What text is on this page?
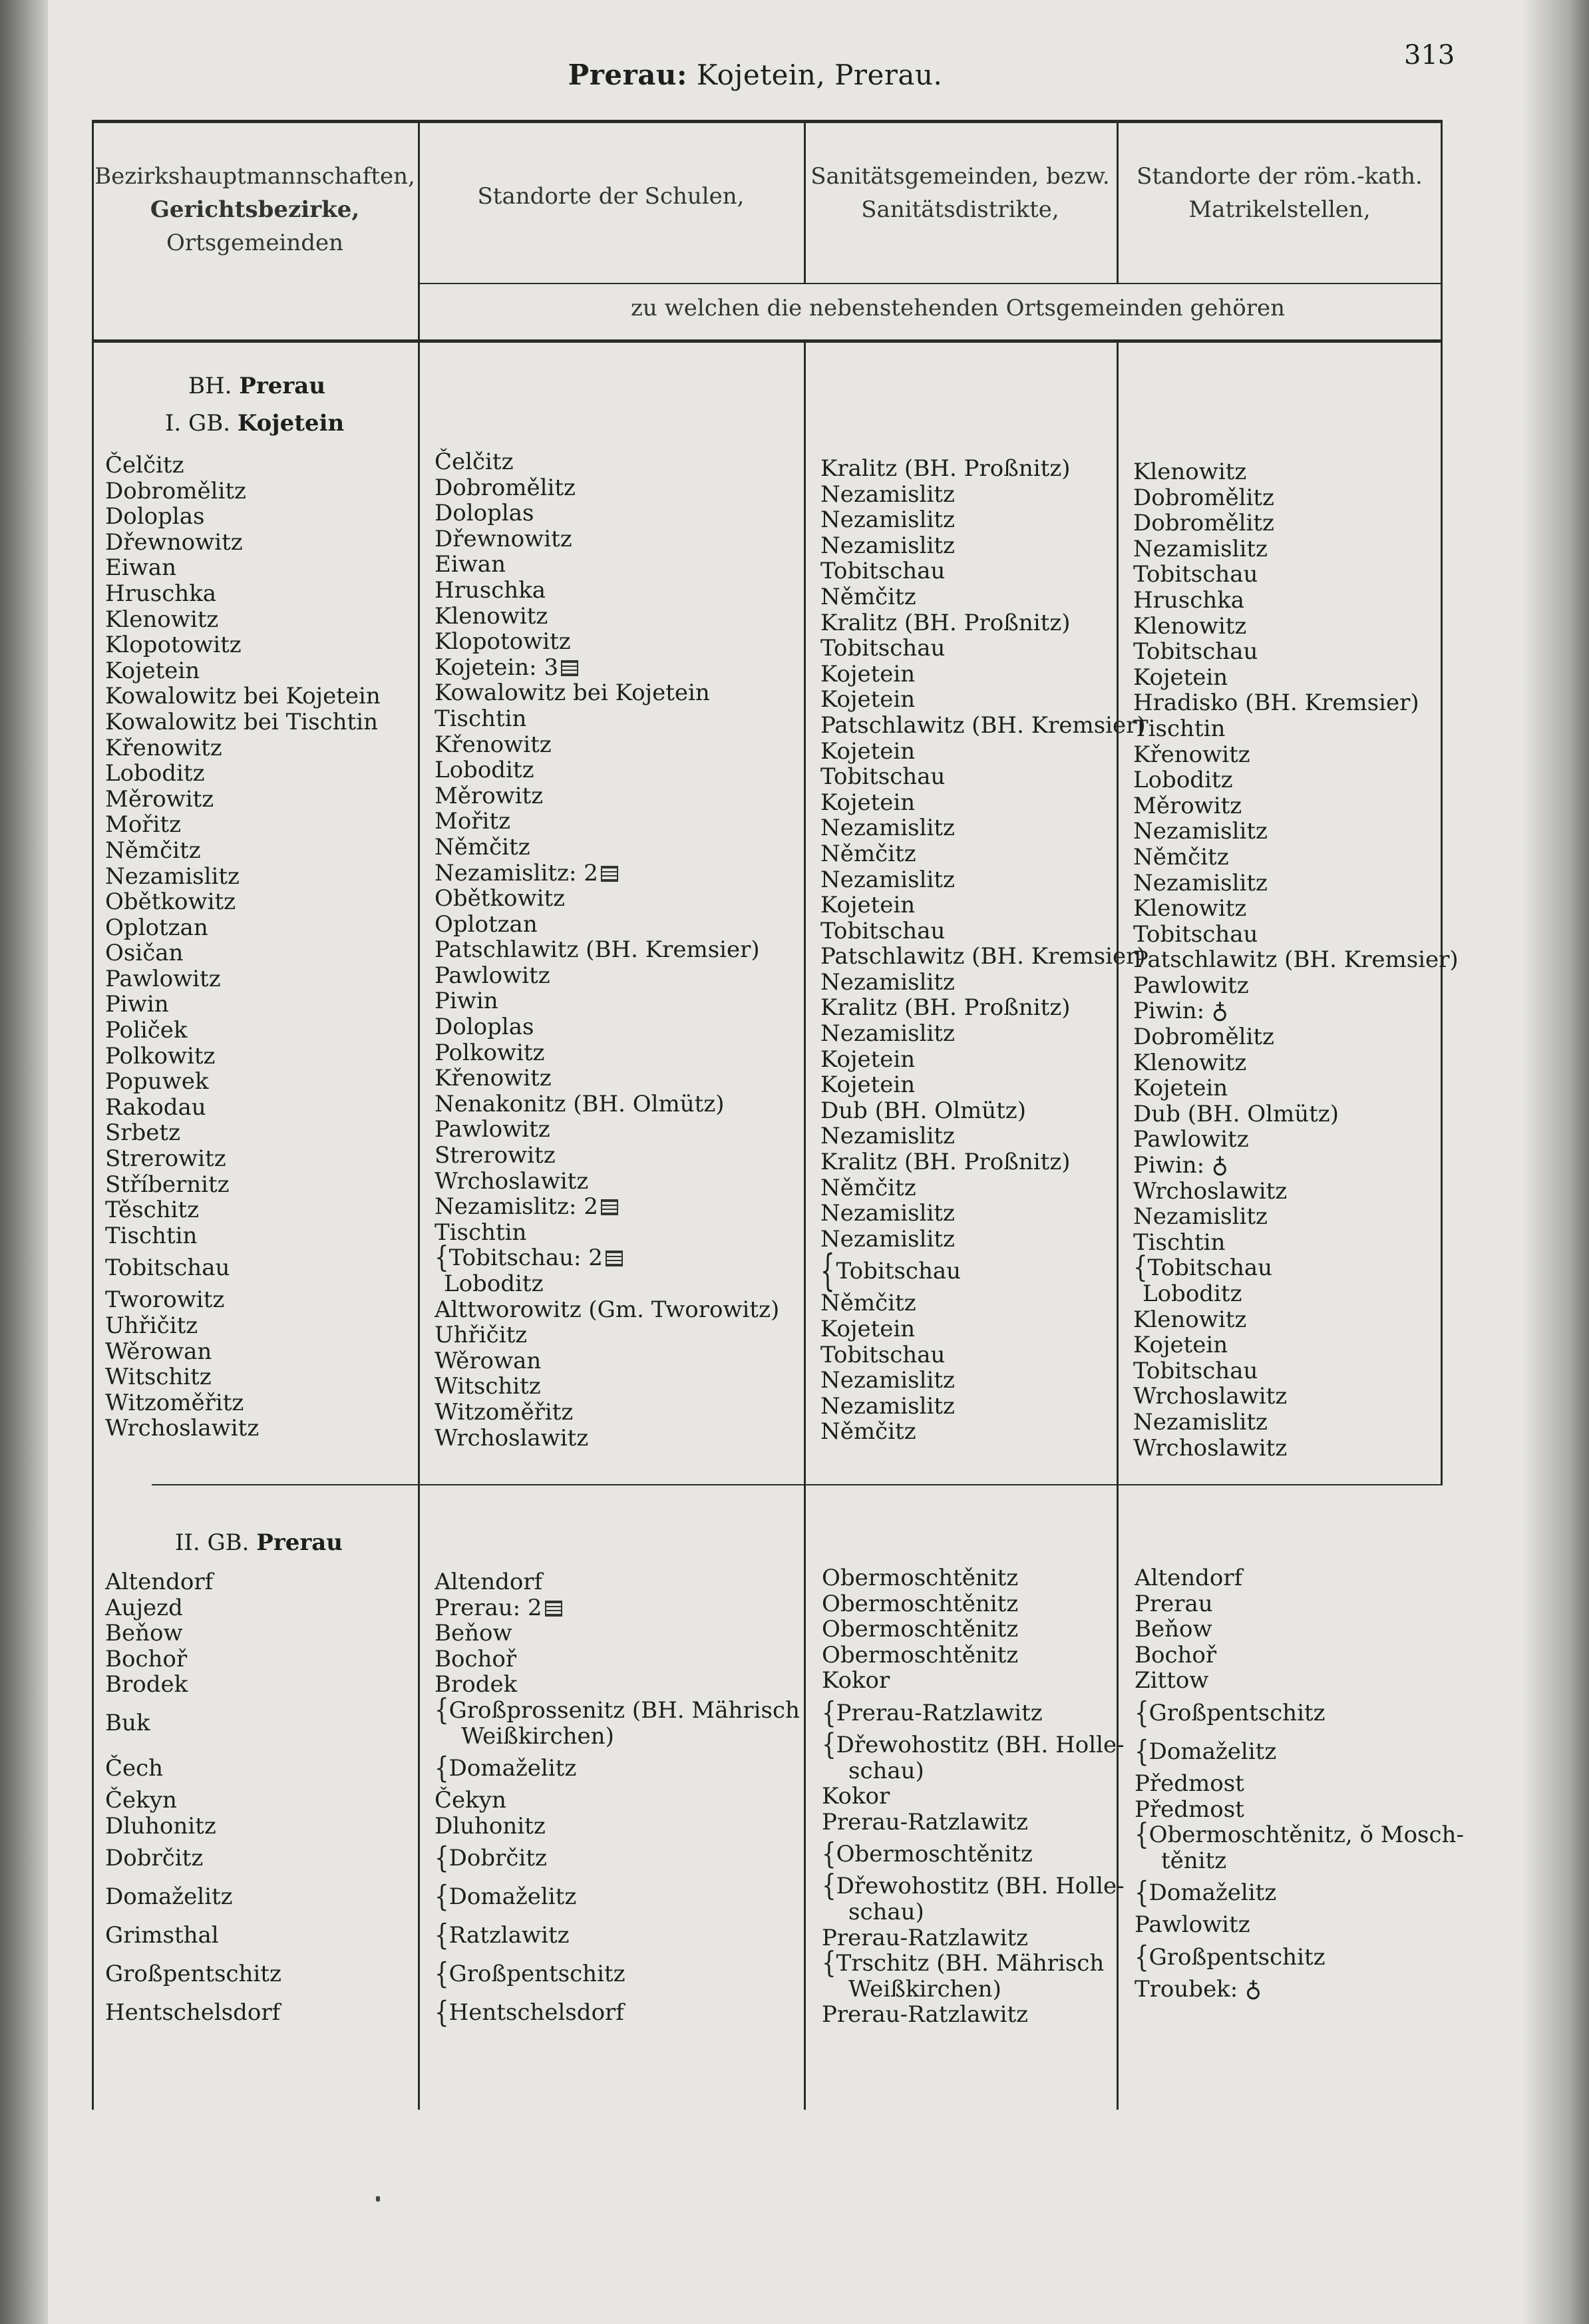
Prerau: Kojetein, Prerau.
313
Bezirkshauptmannschaften,
Gerichtsbezirke,
Ortsgemeinden
Standorte der Schulen,
Sanitätsgemeinden, bezw.
Sanitätsdistrikte,
Standorte der röm.-kath.
Matrikelstellen,
zu welchen die nebenstehenden Ortsgemeinden gehören
BH. Prerau
I. GB. Kojetein
Čelčitz
Dobromělitz
Doloplas
Dřewnowitz
Eiwan
Hruschka
Klenowitz
Klopotowitz
Kojetein
Kowalowitz bei Kojetein
Kowalowitz bei Tischtin
Křenowitz
Loboditz
Měrowitz
Mořitz
Němčitz
Nezamislitz
Obětkowitz
Oplotzan
Osičan
Pawlowitz
Piwin
Poliček
Polkowitz
Popuwek
Rakodau
Srbetz
Strerowitz
Stříbernitz
Těschitz
Tischtin
Tobitschau
Tworowitz
Uhřičitz
Wěrowan
Witschitz
Witzoměřitz
Wrchoslawitz
Čelčitz
Dobromělitz
Doloplas
Dřewnowitz
Eiwan
Hruschka
Klenowitz
Klopotowitz
Kojetein: 3
Kowalowitz bei Kojetein
Tischtin
Křenowitz
Loboditz
Měrowitz
Mořitz
Němčitz
Nezamislitz: 2
Obětkowitz
Oplotzan
Patschlawitz (BH. Kremsier)
Pawlowitz
Piwin
Doloplas
Polkowitz
Křenowitz
Nenakonitz (BH. Olmütz)
Pawlowitz
Strerowitz
Wrchoslawitz
Nezamislitz: 2
Tischtin
{Tobitschau: 2
Loboditz
Alttworowitz (Gm. Tworowitz)
Uhřičitz
Wěrowan
Witschitz
Witzoměřitz
Wrchoslawitz
Kralitz (BH. Proßnitz)
Nezamislitz
Nezamislitz
Nezamislitz
Tobitschau
Němčitz
Kralitz (BH. Proßnitz)
Tobitschau
Kojetein
Kojetein
Patschlawitz (BH. Kremsier)
Kojetein
Tobitschau
Kojetein
Nezamislitz
Němčitz
Nezamislitz
Kojetein
Tobitschau
Patschlawitz (BH. Kremsier)
Nezamislitz
Kralitz (BH. Proßnitz)
Nezamislitz
Kojetein
Kojetein
Dub (BH. Olmütz)
Nezamislitz
Kralitz (BH. Proßnitz)
Němčitz
Nezamislitz
Nezamislitz
{Tobitschau
Němčitz
Kojetein
Tobitschau
Nezamislitz
Nezamislitz
Němčitz
Klenowitz
Dobromělitz
Dobromělitz
Nezamislitz
Tobitschau
Hruschka
Klenowitz
Tobitschau
Kojetein
Hradisko (BH. Kremsier)
Tischtin
Křenowitz
Loboditz
Měrowitz
Nezamislitz
Němčitz
Nezamislitz
Klenowitz
Tobitschau
Patschlawitz (BH. Kremsier)
Pawlowitz
Piwin: ♁
Dobromělitz
Klenowitz
Kojetein
Dub (BH. Olmütz)
Pawlowitz
Piwin: ♁
Wrchoslawitz
Nezamislitz
Tischtin
{Tobitschau
Loboditz
Klenowitz
Kojetein
Tobitschau
Wrchoslawitz
Nezamislitz
Wrchoslawitz
II. GB. Prerau
Altendorf
Aujezd
Beňow
Bochoř
Brodek
Buk
Čech
Čekyn
Dluhonitz
Dobrčitz
Domaželitz
Grimsthal
Großpentschitz
Hentschelsdorf
Altendorf
Prerau: 2
Beňow
Bochoř
Brodek
{Großprossenitz (BH. Mährisch
Weißkirchen)
{Domaželitz
Čekyn
Dluhonitz
{Dobrčitz
{Domaželitz
{Ratzlawitz
{Großpentschitz
{Hentschelsdorf
Obermoschtěnitz
Obermoschtěnitz
Obermoschtěnitz
Obermoschtěnitz
Kokor
{Prerau-Ratzlawitz
{Dřewohostitz (BH. Holle-
schau)
Kokor
Prerau-Ratzlawitz
{Obermoschtěnitz
{Dřewohostitz (BH. Holle-
schau)
Prerau-Ratzlawitz
{Trschitz (BH. Mährisch
Weißkirchen)
Prerau-Ratzlawitz
Altendorf
Prerau
Beňow
Bochoř
Zittow
{Großpentschitz
{Domaželitz
Předmost
Předmost
{Obermoschtěnitz, ŏ Mosch-
těnitz
{Domaželitz
Pawlowitz
{Großpentschitz
Troubek: ♁
